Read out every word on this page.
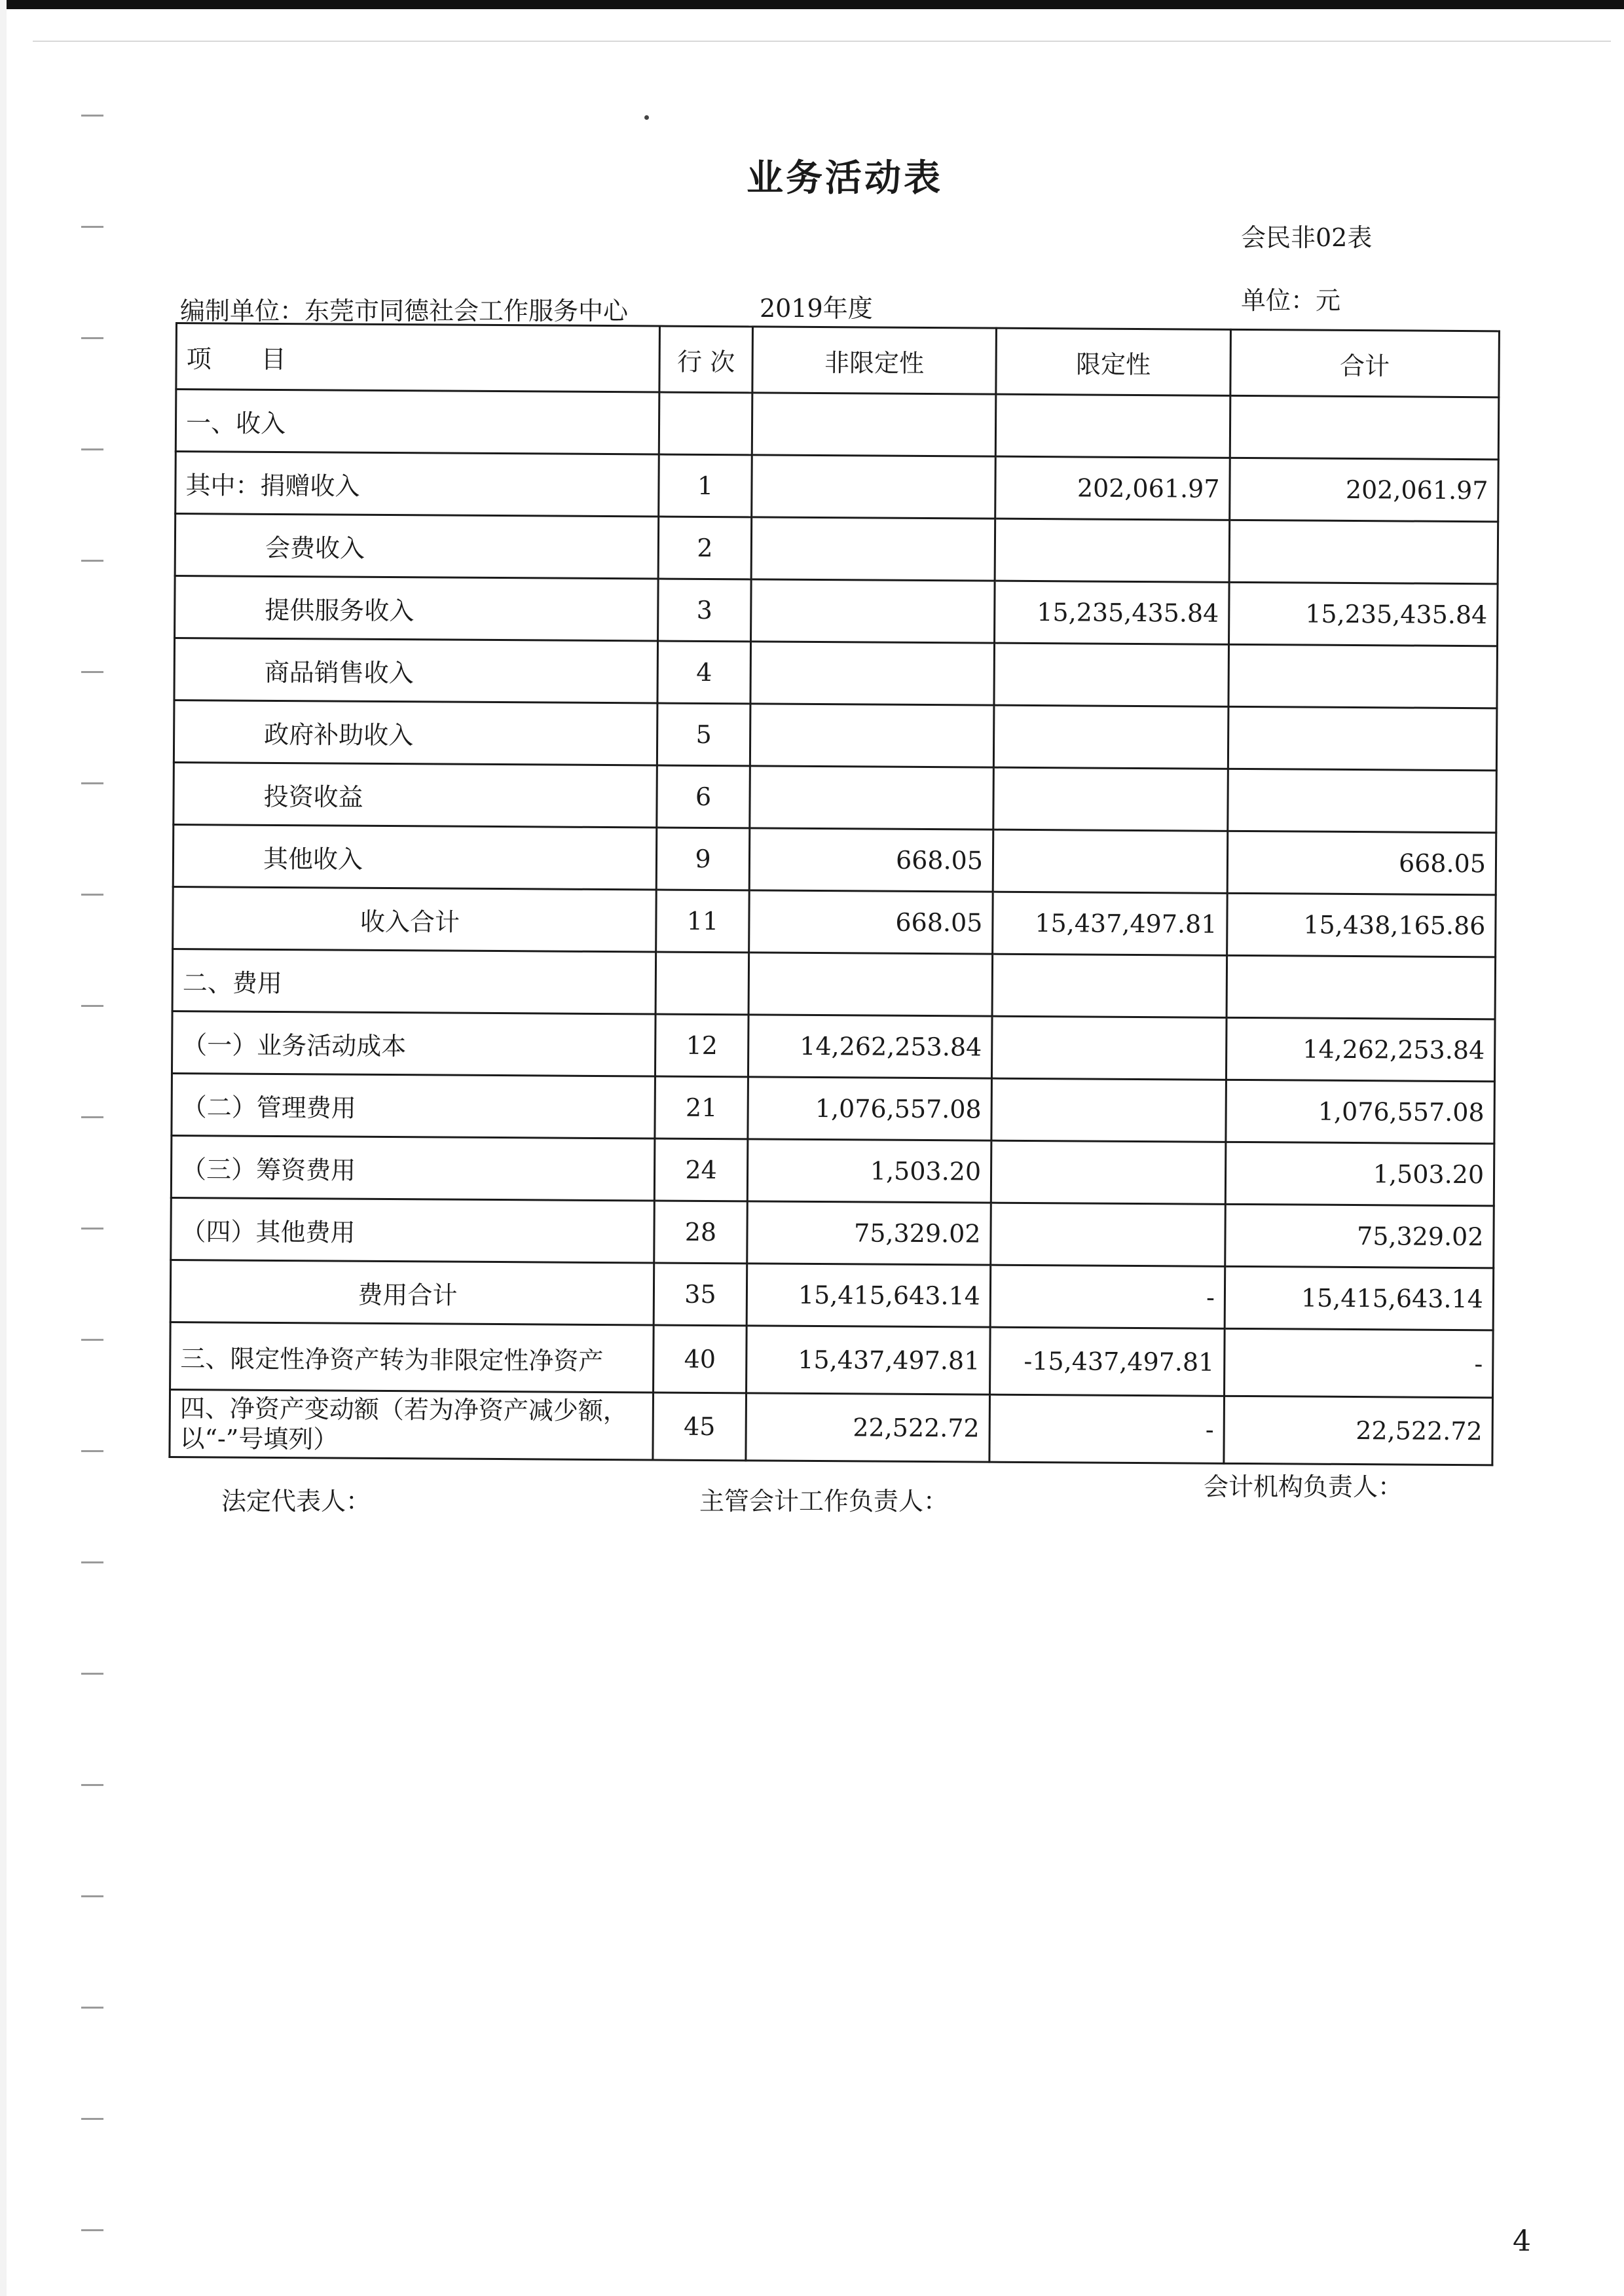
业务活动表
会民非02表
编制单位：东莞市同德社会工作服务中心	2019年度	单位：元
项　　目	行 次	非限定性	限定性	合计
一、收入				
其中：捐赠收入	1		202,061.97	202,061.97
会费收入	2			
提供服务收入	3		15,235,435.84	15,235,435.84
商品销售收入	4			
政府补助收入	5			
投资收益	6			
其他收入	9	668.05		668.05
收入合计	11	668.05	15,437,497.81	15,438,165.86
二、费用				
（一）业务活动成本	12	14,262,253.84		14,262,253.84
（二）管理费用	21	1,076,557.08		1,076,557.08
（三）筹资费用	24	1,503.20		1,503.20
（四）其他费用	28	75,329.02		75,329.02
费用合计	35	15,415,643.14	-	15,415,643.14
三、限定性净资产转为非限定性净资产	40	15,437,497.81	-15,437,497.81	-
四、净资产变动额（若为净资产减少额，以“-”号填列）	45	22,522.72	-	22,522.72
法定代表人：	主管会计工作负责人：	会计机构负责人：
4
